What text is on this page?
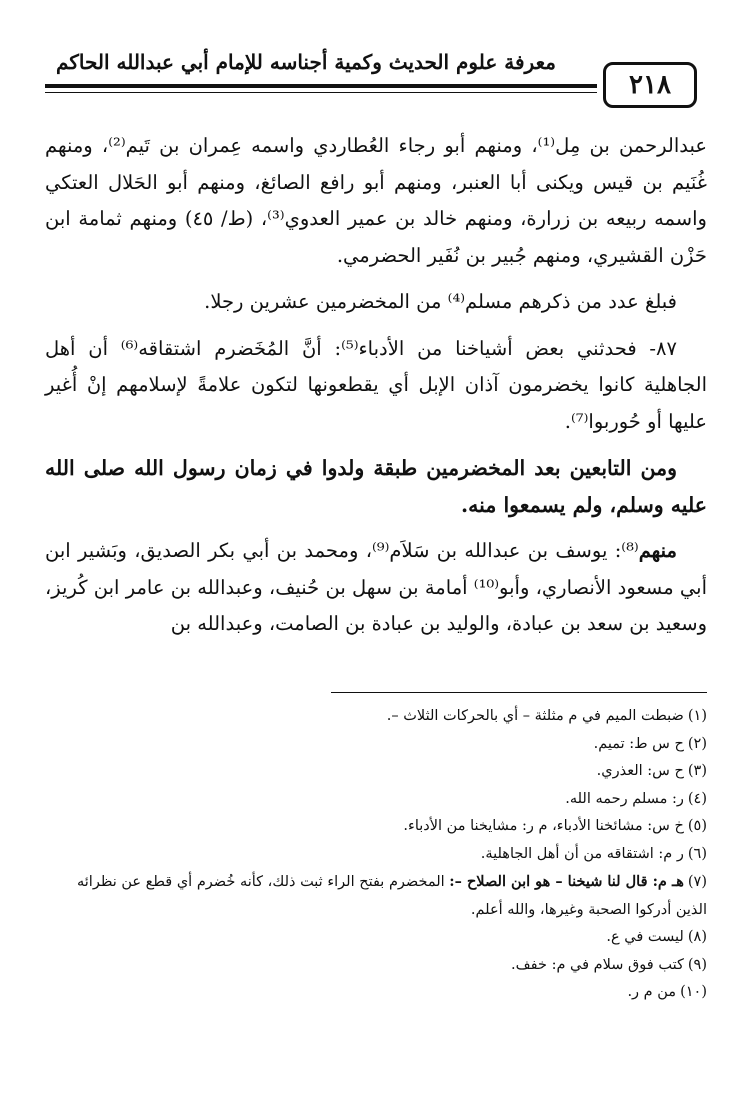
معرفة علوم الحديث وكمية أجناسه للإمام أبي عبدالله الحاكم
٢١٨

عبدالرحمن بن مِل⁽¹⁾، ومنهم أبو رجاء العُطاردي واسمه عِمران بن تَيم⁽²⁾، ومنهم غُنَيم بن قيس ويكنى أبا العنبر، ومنهم أبو رافع الصائغ، ومنهم أبو الحَلال العتكي واسمه ربيعه بن زرارة، ومنهم خالد بن عمير العدوي⁽³⁾، (ط/ ٤٥) ومنهم ثمامة ابن حَزْن القشيري، ومنهم جُبير بن نُفَير الحضرمي.

فبلغ عدد من ذكرهم مسلم⁽⁴⁾ من المخضرمين عشرين رجلا.

٨٧- فحدثني بعض أشياخنا من الأدباء⁽⁵⁾: أنَّ المُخَضرم اشتقاقه⁽⁶⁾ أن أهل الجاهلية كانوا يخضرمون آذان الإبل أي يقطعونها لتكون علامةً لإسلامهم إنْ أُغير عليها أو حُوربوا⁽⁷⁾.

ومن التابعين بعد المخضرمين طبقة ولدوا في زمان رسول الله صلى الله عليه وسلم، ولم يسمعوا منه.

منهم⁽⁸⁾: يوسف بن عبدالله بن سَلاَم⁽⁹⁾، ومحمد بن أبي بكر الصديق، وبَشير ابن أبي مسعود الأنصاري، وأبو⁽¹⁰⁾ أمامة بن سهل بن حُنيف، وعبدالله بن عامر ابن كُريز، وسعيد بن سعد بن عبادة، والوليد بن عبادة بن الصامت، وعبدالله بن

(١)ضبطت الميم في م مثلثة – أي بالحركات الثلاث –.

(٢)ح س ط: تميم.

(٣)ح س: العذري.

(٤)ر: مسلم رحمه الله.

(٥)خ س: مشائخنا الأدباء، م ر: مشايخنا من الأدباء.

(٦)ر م: اشتقاقه من أن أهل الجاهلية.

(٧)هـ م: قال لنا شيخنا – هو ابن الصلاح –: المخضرم بفتح الراء ثبت ذلك، كأنه خُضرم أي قطع عن نظرائه الذين أدركوا الصحبة وغيرها، والله أعلم.

(٨)ليست في ع.

(٩)كتب فوق سلام في م: خفف.

(١٠)من م ر.
